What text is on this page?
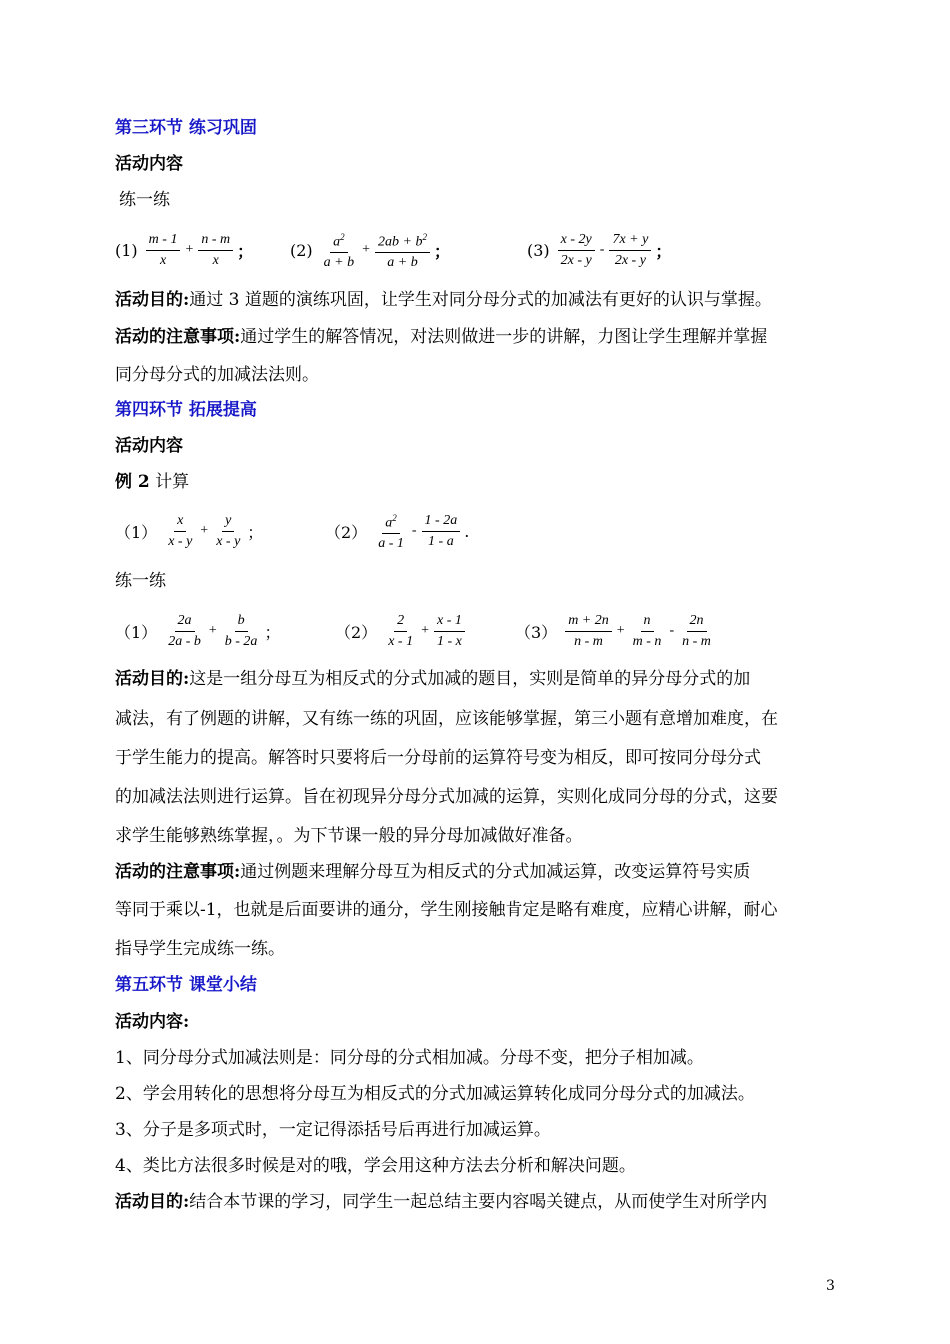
第三环节 练习巩固
活动内容
练一练
$(1) \frac{m - 1}{x} + \frac{n - m}{x}$ ； $(2) \frac{a^2}{a + b} + \frac{2ab + b^2}{a + b}$ ；	$(3) \frac{x - 2y}{2x - y} - \frac{7x + y}{2x - y}$ ；
活动目的:通过 3 道题的演练巩固，让学生对同分母分式的加减法有更好的认识与掌握。
活动的注意事项:通过学生的解答情况，对法则做进一步的讲解，力图让学生理解并掌握
同分母分式的加减法法则。
第四环节 拓展提高
活动内容
例 2 计算
$(1) \frac{x}{x - y} + \frac{y}{x - y}$ ；	$(2) \frac{a^2}{a - 1} - \frac{1 - 2a}{1 - a}$ .
练一练
$(1) \frac{2a}{2a - b} + \frac{b}{b - 2a}$ ；	$(2) \frac{2}{x - 1} + \frac{x - 1}{1 - x}$	$(3) \frac{m + 2n}{n - m} + \frac{n}{m - n} - \frac{2n}{n - m}$
活动目的:这是一组分母互为相反式的分式加减的题目，实则是简单的异分母分式的加
减法，有了例题的讲解，又有练一练的巩固，应该能够掌握，第三小题有意增加难度，在
于学生能力的提高。解答时只要将后一分母前的运算符号变为相反，即可按同分母分式
的加减法法则进行运算。旨在初现异分母分式加减的运算，实则化成同分母的分式，这要
求学生能够熟练掌握，。为下节课一般的异分母加减做好准备。
活动的注意事项:通过例题来理解分母互为相反式的分式加减运算，改变运算符号实质
等同于乘以-1，也就是后面要讲的通分，学生刚接触肯定是略有难度，应精心讲解，耐心
指导学生完成练一练。
第五环节 课堂小结
活动内容:
1、同分母分式加减法则是：同分母的分式相加减。分母不变，把分子相加减。
2、学会用转化的思想将分母互为相反式的分式加减运算转化成同分母分式的加减法。
3、分子是多项式时，一定记得添括号后再进行加减运算。
4、类比方法很多时候是对的哦，学会用这种方法去分析和解决问题。
活动目的:结合本节课的学习，同学生一起总结主要内容喝关键点，从而使学生对所学内
3
